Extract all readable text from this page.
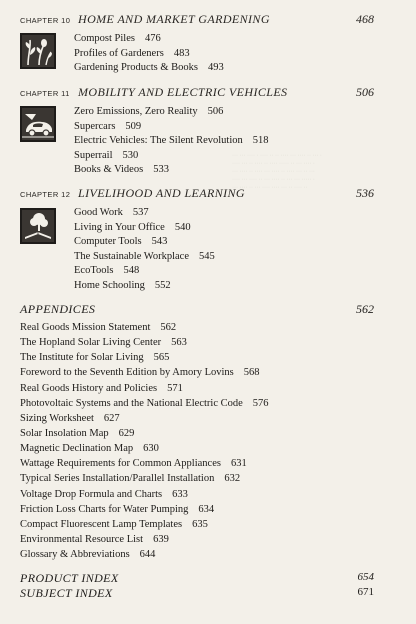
··· ··· ···· · ···· ·· ·· ···· ··· ···· ·· ··· ·
···· ··· ·· ···· ·· ···· ····· ·· ··· ···· ·
··· ···· ·· ···· ··· ···· ·· ···· ··· ·· ···
···· ··· ···· ·· ··· ···· ·· ··· ··· ····· ·
··· ···· ·· ··· ···· ···· ··· ·· ···· ··
CHAPTER 10 HOME AND MARKET GARDENING	468
Compost Piles 476
Profiles of Gardeners 483
Gardening Products & Books 493
CHAPTER 11 MOBILITY AND ELECTRIC VEHICLES	506
Zero Emissions, Zero Reality 506
Supercars 509
Electric Vehicles: The Silent Revolution 518
Superrail 530
Books & Videos 533
CHAPTER 12 LIVELIHOOD AND LEARNING	536
Good Work 537
Living in Your Office 540
Computer Tools 543
The Sustainable Workplace 545
EcoTools 548
Home Schooling 552
APPENDICES	562
Real Goods Mission Statement 562
The Hopland Solar Living Center 563
The Institute for Solar Living 565
Foreword to the Seventh Edition by Amory Lovins 568
Real Goods History and Policies 571
Photovoltaic Systems and the National Electric Code 576
Sizing Worksheet 627
Solar Insolation Map 629
Magnetic Declination Map 630
Wattage Requirements for Common Appliances 631
Typical Series Installation/Parallel Installation 632
Voltage Drop Formula and Charts 633
Friction Loss Charts for Water Pumping 634
Compact Fluorescent Lamp Templates 635
Environmental Resource List 639
Glossary & Abbreviations 644
PRODUCT INDEX	654
SUBJECT INDEX	671
